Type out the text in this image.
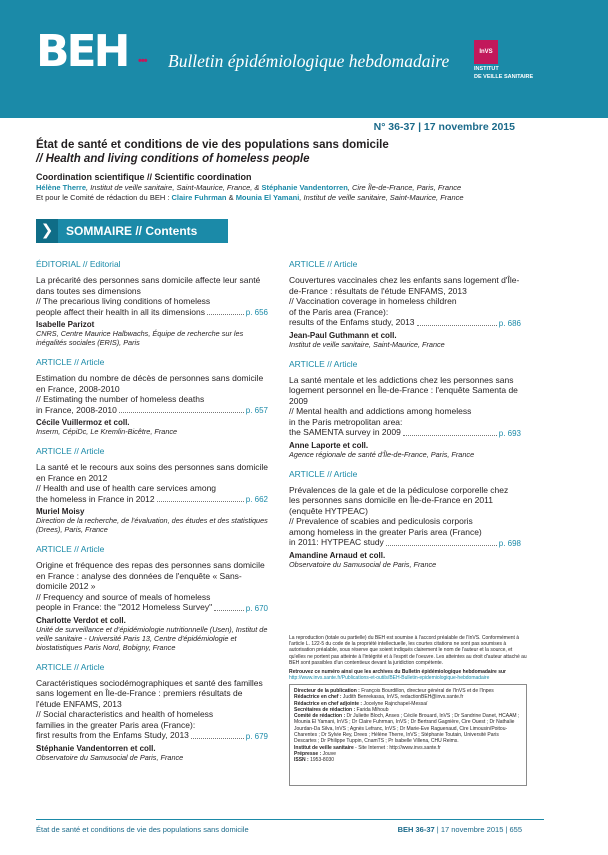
BEH ••• Bulletin épidémiologique hebdomadaire	InVS
INSTITUT
DE VEILLE SANITAIRE
N° 36-37 | 17 novembre 2015
État de santé et conditions de vie des populations sans domicile
// Health and living conditions of homeless people
Coordination scientifique // Scientific coordination
Hélène Therre, Institut de veille sanitaire, Saint-Maurice, France, & Stéphanie Vandentorren, Cire Île-de-France, Paris, France
Et pour le Comité de rédaction du BEH : Claire Fuhrman & Mounia El Yamani, Institut de veille sanitaire, Saint-Maurice, France
❯	SOMMAIRE // Contents
ÉDITORIAL // Editorial
La précarité des personnes sans domicile affecte leur santé dans toutes ses dimensions
// The precarious living conditions of homeless
people affect their health in all its dimensions	p. 656
Isabelle Parizot
CNRS, Centre Maurice Halbwachs, Équipe de recherche sur les inégalités sociales (ERIS), Paris
ARTICLE // Article
Estimation du nombre de décès de personnes sans domicile en France, 2008-2010
// Estimating the number of homeless deaths
in France, 2008-2010	p. 657
Cécile Vuillermoz et coll.
Inserm, CépiDc, Le Kremlin-Bicêtre, France
ARTICLE // Article
La santé et le recours aux soins des personnes sans domicile en France en 2012
// Health and use of health care services among
the homeless in France in 2012	p. 662
Muriel Moisy
Direction de la recherche, de l'évaluation, des études et des statistiques (Drees), Paris, France
ARTICLE // Article
Origine et fréquence des repas des personnes sans domicile en France : analyse des données de l'enquête « Sans-domicile 2012 »
// Frequency and source of meals of homeless
people in France: the "2012 Homeless Survey"	p. 670
Charlotte Verdot et coll.
Unité de surveillance et d'épidémiologie nutritionnelle (Usen), Institut de veille sanitaire - Université Paris 13, Centre d'épidémiologie et biostatistiques Paris Nord, Bobigny, France
ARTICLE // Article
Caractéristiques sociodémographiques et santé des familles sans logement en Île-de-France : premiers résultats de l'étude ENFAMS, 2013
// Social characteristics and health of homeless
families in the greater Paris area (France):
first results from the Enfams Study, 2013	p. 679
Stéphanie Vandentorren et coll.
Observatoire du Samusocial de Paris, France
ARTICLE // Article
Couvertures vaccinales chez les enfants sans logement d'Île-de-France : résultats de l'étude ENFAMS, 2013
// Vaccination coverage in homeless children
of the Paris area (France):
results of the Enfams study, 2013	p. 686
Jean-Paul Guthmann et coll.
Institut de veille sanitaire, Saint-Maurice, France
ARTICLE // Article
La santé mentale et les addictions chez les personnes sans logement personnel en Île-de-France : l'enquête Samenta de 2009
// Mental health and addictions among homeless
in the Paris metropolitan area:
the SAMENTA survey in 2009	p. 693
Anne Laporte et coll.
Agence régionale de santé d'Île-de-France, Paris, France
ARTICLE // Article
Prévalences de la gale et de la pédiculose corporelle chez les personnes sans domicile en Île-de-France en 2011 (enquête HYTPEAC)
// Prevalence of scabies and pediculosis corporis
among homeless in the greater Paris area (France)
in 2011: HYTPEAC study	p. 698
Amandine Arnaud et coll.
Observatoire du Samusocial de Paris, France
La reproduction (totale ou partielle) du BEH est soumise à l'accord préalable de l'InVS. Conformément à l'article L. 122-5 du code de la propriété intellectuelle, les courtes citations ne sont pas soumises à autorisation préalable, sous réserve que soient indiqués clairement le nom de l'auteur et la source, et qu'elles ne portent pas atteinte à l'intégrité et à l'esprit de l'oeuvre. Les atteintes au droit d'auteur attaché au BEH sont passibles d'un contentieux devant la juridiction compétente.
Retrouvez ce numéro ainsi que les archives du Bulletin épidémiologique hebdomadaire sur
http://www.invs.sante.fr/Publications-et-outils/BEH-Bulletin-epidemiologique-hebdomadaire
Directeur de la publication : François Bourdillon, directeur général de l'InVS et de l'Inpes
Rédactrice en chef : Judith Benrekassa, InVS, redactionBEH@invs.sante.fr
Rédactrice en chef adjointe : Jocelyne Rajnchapel-Messaï
Secrétaires de rédaction : Farida Mihoub
Comité de rédaction : Dr Juliette Bloch, Anses ; Cécile Brouard, InVS ; Dr Sandrine Danet, HCAAM ; Mounia El Yamani, InVS ; Dr Claire Fuhrman, InVS ; Dr Bertrand Gagnière, Cire Ouest ; Dr Nathalie Jourdan-Da Silva, InVS ; Agnès Lefranc, InVS ; Dr Marie-Eve Raguenaud, Cire Limousin/Poitou-Charentes ; Dr Sylvie Rey, Drees ; Hélène Therre, InVS ; Stéphanie Toutain, Université Paris Descartes ; Dr Philippe Tuppin, CnamTS ; Pr Isabelle Villena, CHU Reims.
Institut de veille sanitaire - Site Internet : http://www.invs.sante.fr
Prépresse : Jouve
ISSN : 1953-8030
État de santé et conditions de vie des populations sans domicile	BEH 36-37 | 17 novembre 2015 | 655
